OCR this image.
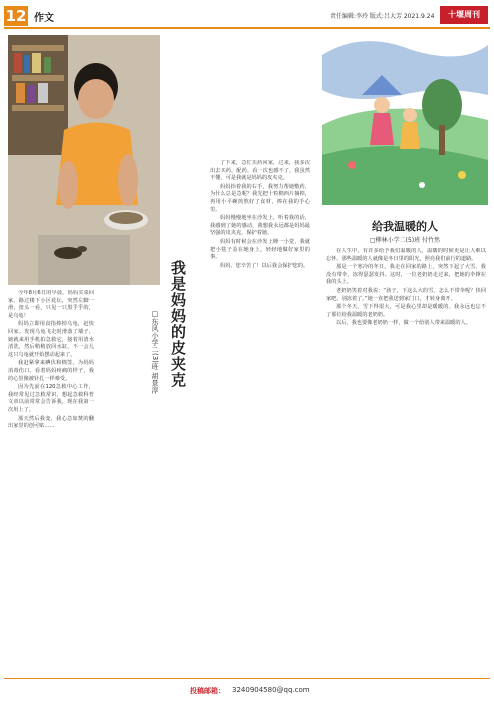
12 作文	责任编辑:李玲 版式:吕大芳 2021.9.24	十堰周刊
我是妈妈的皮夹克
□东风小学二(3)班 胡景淳

今年8月6日的早晨，妈妈买菜回家，路过楼下小区花坛，突然左脚一滑，扭头一看，只见一只黑乎乎的，是乌龟！

妈妈立即用食指捧掉乌龟，赶快回家。发现乌龟飞走时滑落了墙子，她就来用手机拍急救它，接着用清水清洗，然后稍稍放回水缸，不一会儿这只乌龟就开始摆动起来了。

我赶紧拿来碘伏和棉签，为妈妈消毒伤口。看着妈妈疼痛的样子，我的心里像被针扎一样难受。

因为先前在120急救中心工作，我经常见过急救常识，想起急救科普文章以前常常会告诉我，现在我第一次用上了。

那天然后我变，我心急如焚的翻出家里的创可贴……

了下来，急忙买药回家，过来，我多次出去买药，配药。看一次也感不了，我虽然不懂，可是我就是妈妈的皮夹克。

妈妈抬着我的右手，我努力帮她敷药，为什么总是急呢？我先把十粒棉西片摘掉，再用小平碗煎熬好了食材，捧在我的手心里。

妈妈慢慢地坐在沙发上，听着我的话，我感到了她的感动，我想我永远都是妈妈最坚强的皮夹克，保护着她。

妈妈有时候会在沙发上睡一小觉，我就把小毯子盖在她身上，轻轻地做好家里的事。

妈妈，您辛苦了！以后我会保护您的。

给我温暖的人
□柳林小学二(5)班 付竹然

在人生中，有许多给予我们温暖的人，温暖的时候更是让人难以忘怀。那些温暖的人就像是冬日里的阳光，照亮我们前行的道路。

那是一个寒冷的冬日，我走在回家的路上，突然下起了大雪，我没有带伞，冻得瑟瑟发抖。这时，一位老奶奶走过来，把她的伞撑在我的头上。

老奶奶笑着对我说：“孩子，下这么大的雪，怎么不带伞呢？快回家吧，别冻着了。”她一直把我送到家门口，才转身离开。

那个冬天，雪下得很大，可是我心里却是暖暖的。我永远也忘不了那位给我温暖的老奶奶。

以后，我也要像老奶奶一样，做一个给别人带来温暖的人。

投稿邮箱： 3240904580@qq.com
